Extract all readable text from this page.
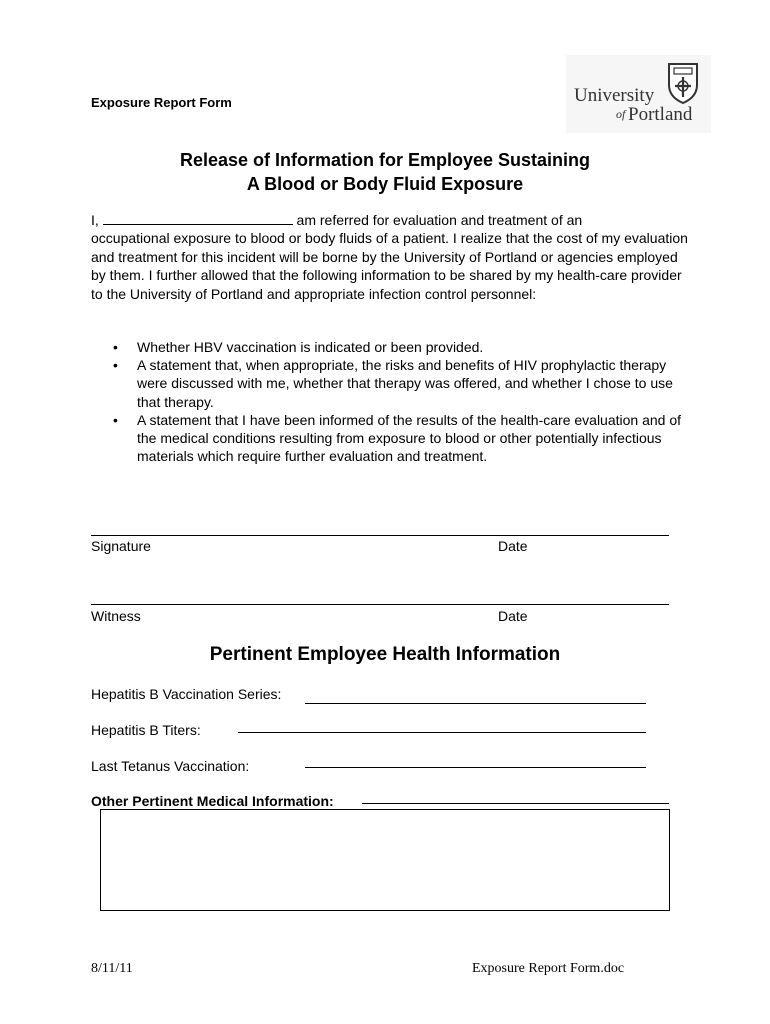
Exposure Report Form	University
of Portland
Release of Information for Employee Sustaining
A Blood or Body Fluid Exposure
I,	am referred for evaluation and treatment of an
occupational exposure to blood or body fluids of a patient. I realize that the cost of my evaluation and treatment for this incident will be borne by the University of Portland or agencies employed by them. I further allowed that the following information to be shared by my health-care provider to the University of Portland and appropriate infection control personnel:
• Whether HBV vaccination is indicated or been provided.
• A statement that, when appropriate, the risks and benefits of HIV prophylactic therapy were discussed with me, whether that therapy was offered, and whether I chose to use that therapy.
• A statement that I have been informed of the results of the health-care evaluation and of the medical conditions resulting from exposure to blood or other potentially infectious materials which require further evaluation and treatment.
Signature	Date
Witness	Date
Pertinent Employee Health Information
Hepatitis B Vaccination Series:
Hepatitis B Titers:
Last Tetanus Vaccination:
Other Pertinent Medical Information:
8/11/11	Exposure Report Form.doc
